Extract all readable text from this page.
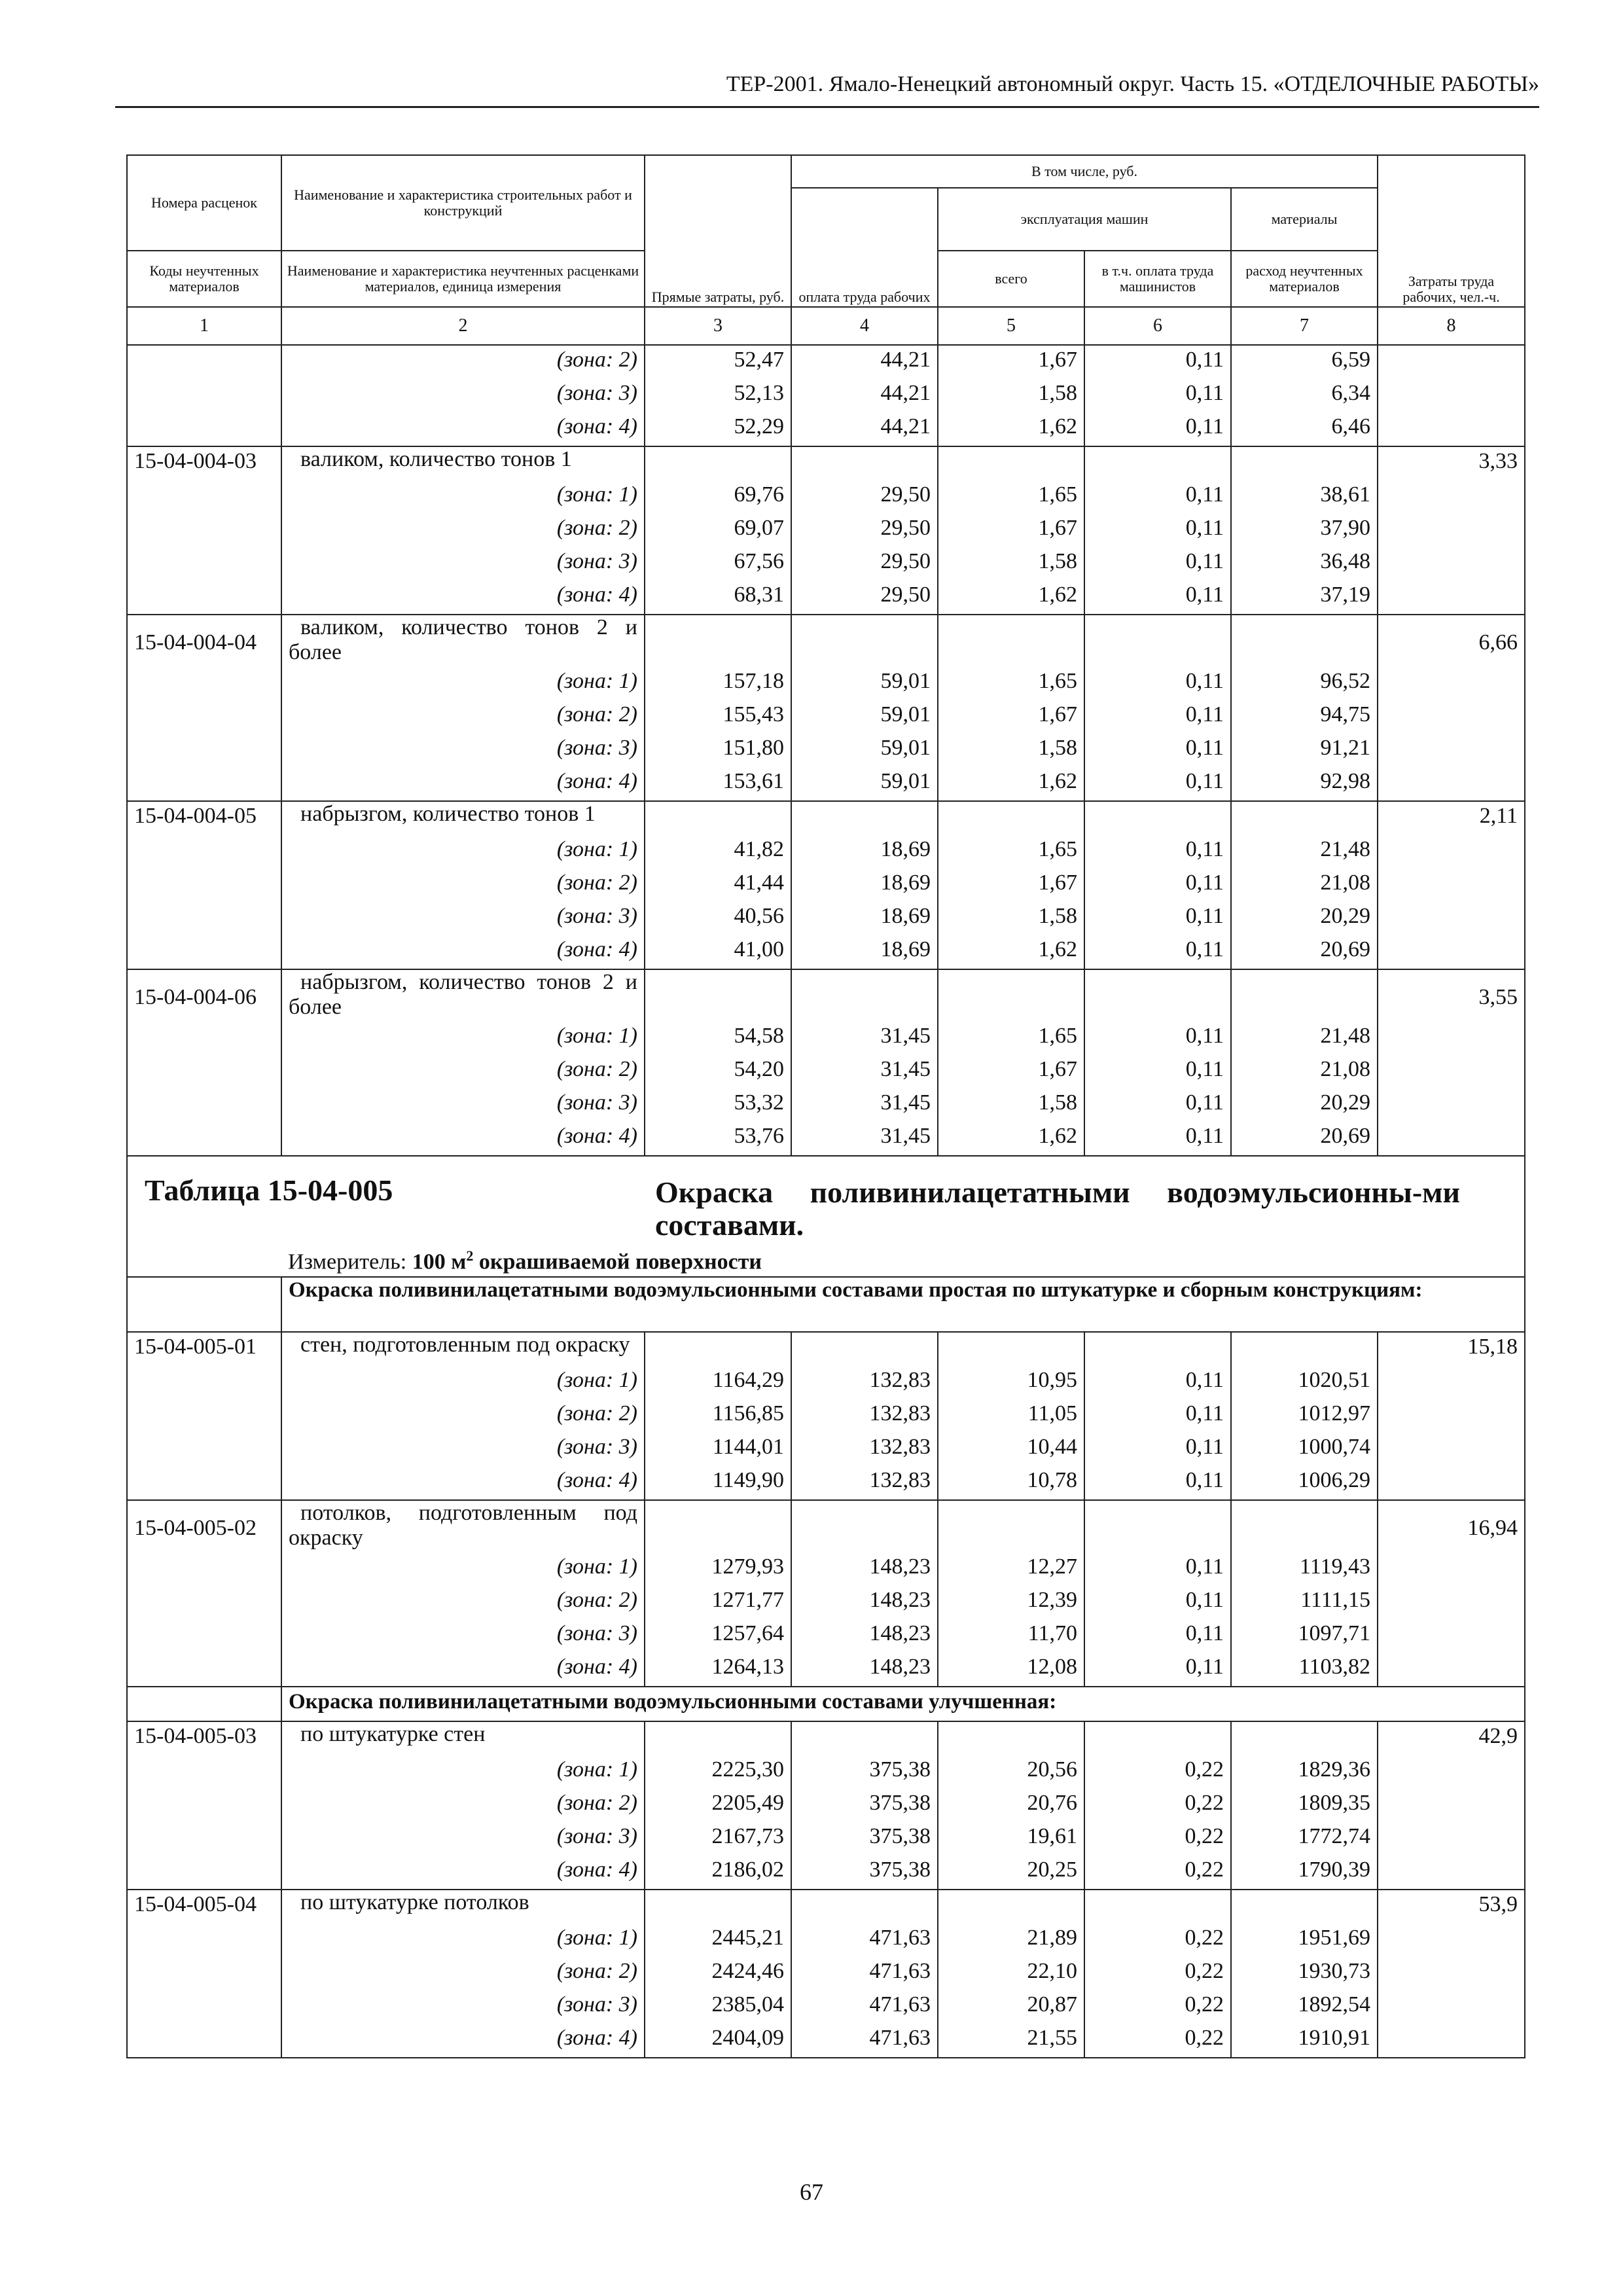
ТЕР-2001. Ямало-Ненецкий автономный округ. Часть 15. «ОТДЕЛОЧНЫЕ РАБОТЫ»
Номера расценок	Наименование и характеристика строительных работ и конструкций	Прямые затраты, руб.	В том числе, руб.				Затраты труда рабочих, чел.-ч.
			оплата труда рабочих	эксплуатация машин		материалы	
Коды неучтенных материалов	Наименование и характеристика неучтенных расценками материалов, единица измерения			всего	в т.ч. оплата труда машинистов	расход неучтенных материалов	
1	2	3	4	5	6	7	8
	(зона: 2)	52,47	44,21	1,67	0,11	6,59	
	(зона: 3)	52,13	44,21	1,58	0,11	6,34	
	(зона: 4)	52,29	44,21	1,62	0,11	6,46	
15-04-004-03	валиком, количество тонов 1						3,33
	(зона: 1)	69,76	29,50	1,65	0,11	38,61	
	(зона: 2)	69,07	29,50	1,67	0,11	37,90	
	(зона: 3)	67,56	29,50	1,58	0,11	36,48	
	(зона: 4)	68,31	29,50	1,62	0,11	37,19	
15-04-004-04	валиком, количество тонов 2 и более						6,66
	(зона: 1)	157,18	59,01	1,65	0,11	96,52	
	(зона: 2)	155,43	59,01	1,67	0,11	94,75	
	(зона: 3)	151,80	59,01	1,58	0,11	91,21	
	(зона: 4)	153,61	59,01	1,62	0,11	92,98	
15-04-004-05	набрызгом, количество тонов 1						2,11
	(зона: 1)	41,82	18,69	1,65	0,11	21,48	
	(зона: 2)	41,44	18,69	1,67	0,11	21,08	
	(зона: 3)	40,56	18,69	1,58	0,11	20,29	
	(зона: 4)	41,00	18,69	1,62	0,11	20,69	
15-04-004-06	набрызгом, количество тонов 2 и более						3,55
	(зона: 1)	54,58	31,45	1,65	0,11	21,48	
	(зона: 2)	54,20	31,45	1,67	0,11	21,08	
	(зона: 3)	53,32	31,45	1,58	0,11	20,29	
	(зона: 4)	53,76	31,45	1,62	0,11	20,69	

Таблица 15-04-005 Окраска поливинилацетатными водоэмульсионны-ми составами.							

	Измеритель: 100 $м^2$ окрашиваемой поверхности						
	Окраска поливинилацетатными водоэмульсионными составами простая по штукатурке и сборным конструкциям:						
15-04-005-01	стен, подготовленным под окраску						15,18
	(зона: 1)	1164,29	132,83	10,95	0,11	1020,51	
	(зона: 2)	1156,85	132,83	11,05	0,11	1012,97	
	(зона: 3)	1144,01	132,83	10,44	0,11	1000,74	
	(зона: 4)	1149,90	132,83	10,78	0,11	1006,29	
15-04-005-02	потолков, подготовленным под окраску						16,94
	(зона: 1)	1279,93	148,23	12,27	0,11	1119,43	
	(зона: 2)	1271,77	148,23	12,39	0,11	1111,15	
	(зона: 3)	1257,64	148,23	11,70	0,11	1097,71	
	(зона: 4)	1264,13	148,23	12,08	0,11	1103,82	
	Окраска поливинилацетатными водоэмульсионными составами улучшенная:						
15-04-005-03	по штукатурке стен						42,9
	(зона: 1)	2225,30	375,38	20,56	0,22	1829,36	
	(зона: 2)	2205,49	375,38	20,76	0,22	1809,35	
	(зона: 3)	2167,73	375,38	19,61	0,22	1772,74	
	(зона: 4)	2186,02	375,38	20,25	0,22	1790,39	
15-04-005-04	по штукатурке потолков						53,9
	(зона: 1)	2445,21	471,63	21,89	0,22	1951,69	
	(зона: 2)	2424,46	471,63	22,10	0,22	1930,73	
	(зона: 3)	2385,04	471,63	20,87	0,22	1892,54	
	(зона: 4)	2404,09	471,63	21,55	0,22	1910,91	

67
